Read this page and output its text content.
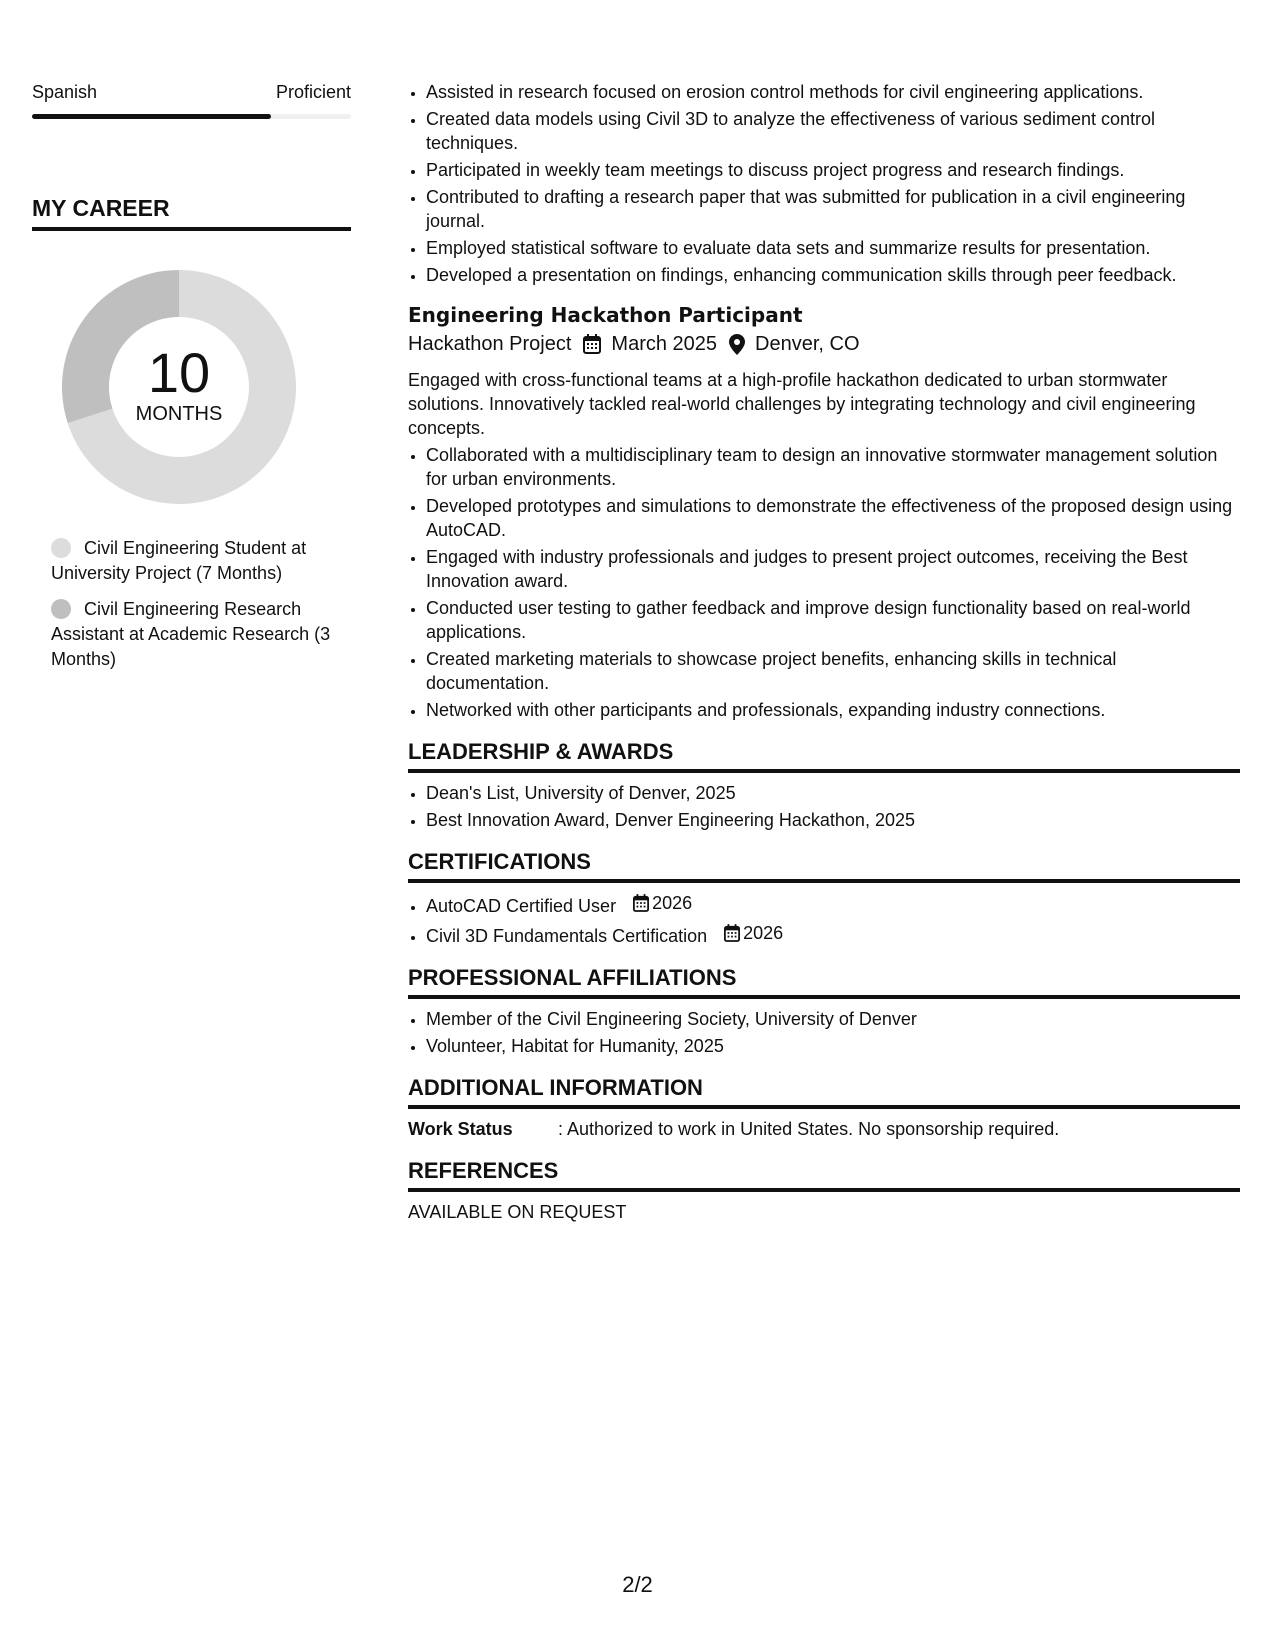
Spanish	Proficient
MY CAREER
10
MONTHS
Civil Engineering Student at University Project (7 Months)
Civil Engineering Research Assistant at Academic Research (3 Months)
• Assisted in research focused on erosion control methods for civil engineering applications.
• Created data models using Civil 3D to analyze the effectiveness of various sediment control techniques.
• Participated in weekly team meetings to discuss project progress and research findings.
• Contributed to drafting a research paper that was submitted for publication in a civil engineering journal.
• Employed statistical software to evaluate data sets and summarize results for presentation.
• Developed a presentation on findings, enhancing communication skills through peer feedback.
Engineering Hackathon Participant
Hackathon Project March 2025 Denver, CO
Engaged with cross-functional teams at a high-profile hackathon dedicated to urban stormwater solutions. Innovatively tackled real-world challenges by integrating technology and civil engineering concepts.
• Collaborated with a multidisciplinary team to design an innovative stormwater management solution for urban environments.
• Developed prototypes and simulations to demonstrate the effectiveness of the proposed design using AutoCAD.
• Engaged with industry professionals and judges to present project outcomes, receiving the Best Innovation award.
• Conducted user testing to gather feedback and improve design functionality based on real-world applications.
• Created marketing materials to showcase project benefits, enhancing skills in technical documentation.
• Networked with other participants and professionals, expanding industry connections.
LEADERSHIP & AWARDS
• Dean's List, University of Denver, 2025
• Best Innovation Award, Denver Engineering Hackathon, 2025
CERTIFICATIONS
• AutoCAD Certified User 2026
• Civil 3D Fundamentals Certification 2026
PROFESSIONAL AFFILIATIONS
• Member of the Civil Engineering Society, University of Denver
• Volunteer, Habitat for Humanity, 2025
ADDITIONAL INFORMATION
Work Status	: Authorized to work in United States. No sponsorship required.
REFERENCES
AVAILABLE ON REQUEST
2/2
